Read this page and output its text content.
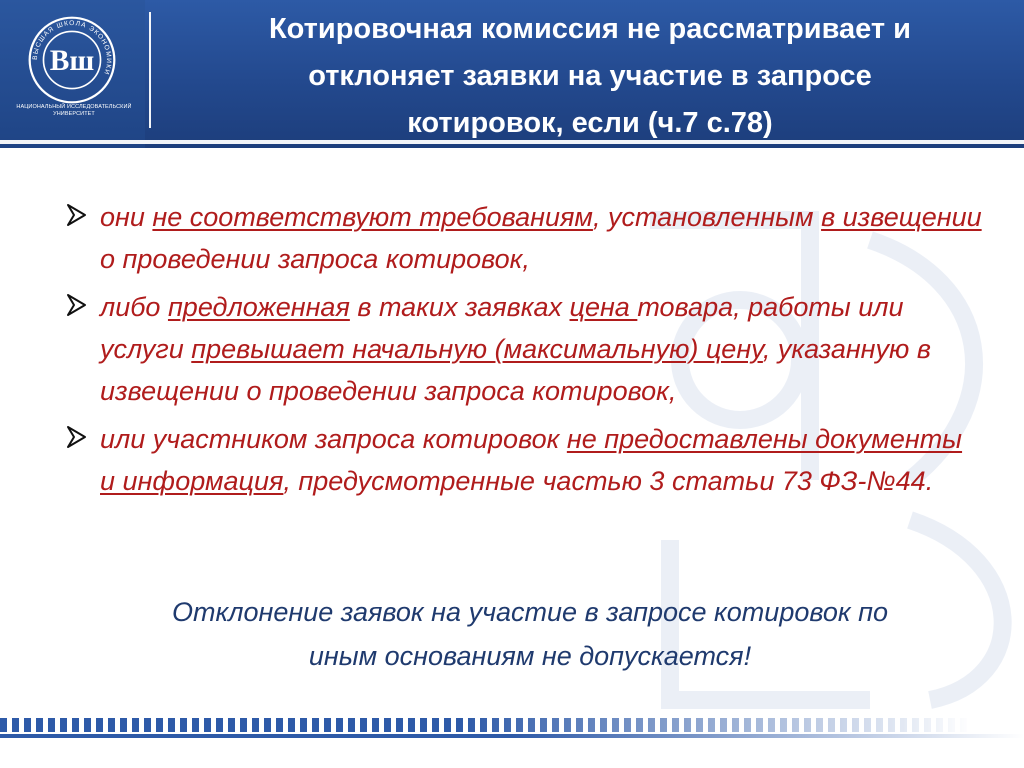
ВЫСШАЯ ШКОЛА ЭКОНОМИКИ
Вш
НАЦИОНАЛЬНЫЙ ИССЛЕДОВАТЕЛЬСКИЙ УНИВЕРСИТЕТ
Котировочная комиссия не рассматривает и
отклоняет заявки на участие в запросе
котировок, если (ч.7 с.78)
они не соответствуют требованиям, установленным в извещении о проведении запроса котировок,
либо предложенная в таких заявках цена товара, работы или услуги превышает начальную (максимальную) цену, указанную в извещении о проведении запроса котировок,
или участником запроса котировок не предоставлены документы и информация, предусмотренные частью 3 статьи 73 ФЗ-№44.
Отклонение заявок на участие в запросе котировок по
иным основаниям не допускается!
